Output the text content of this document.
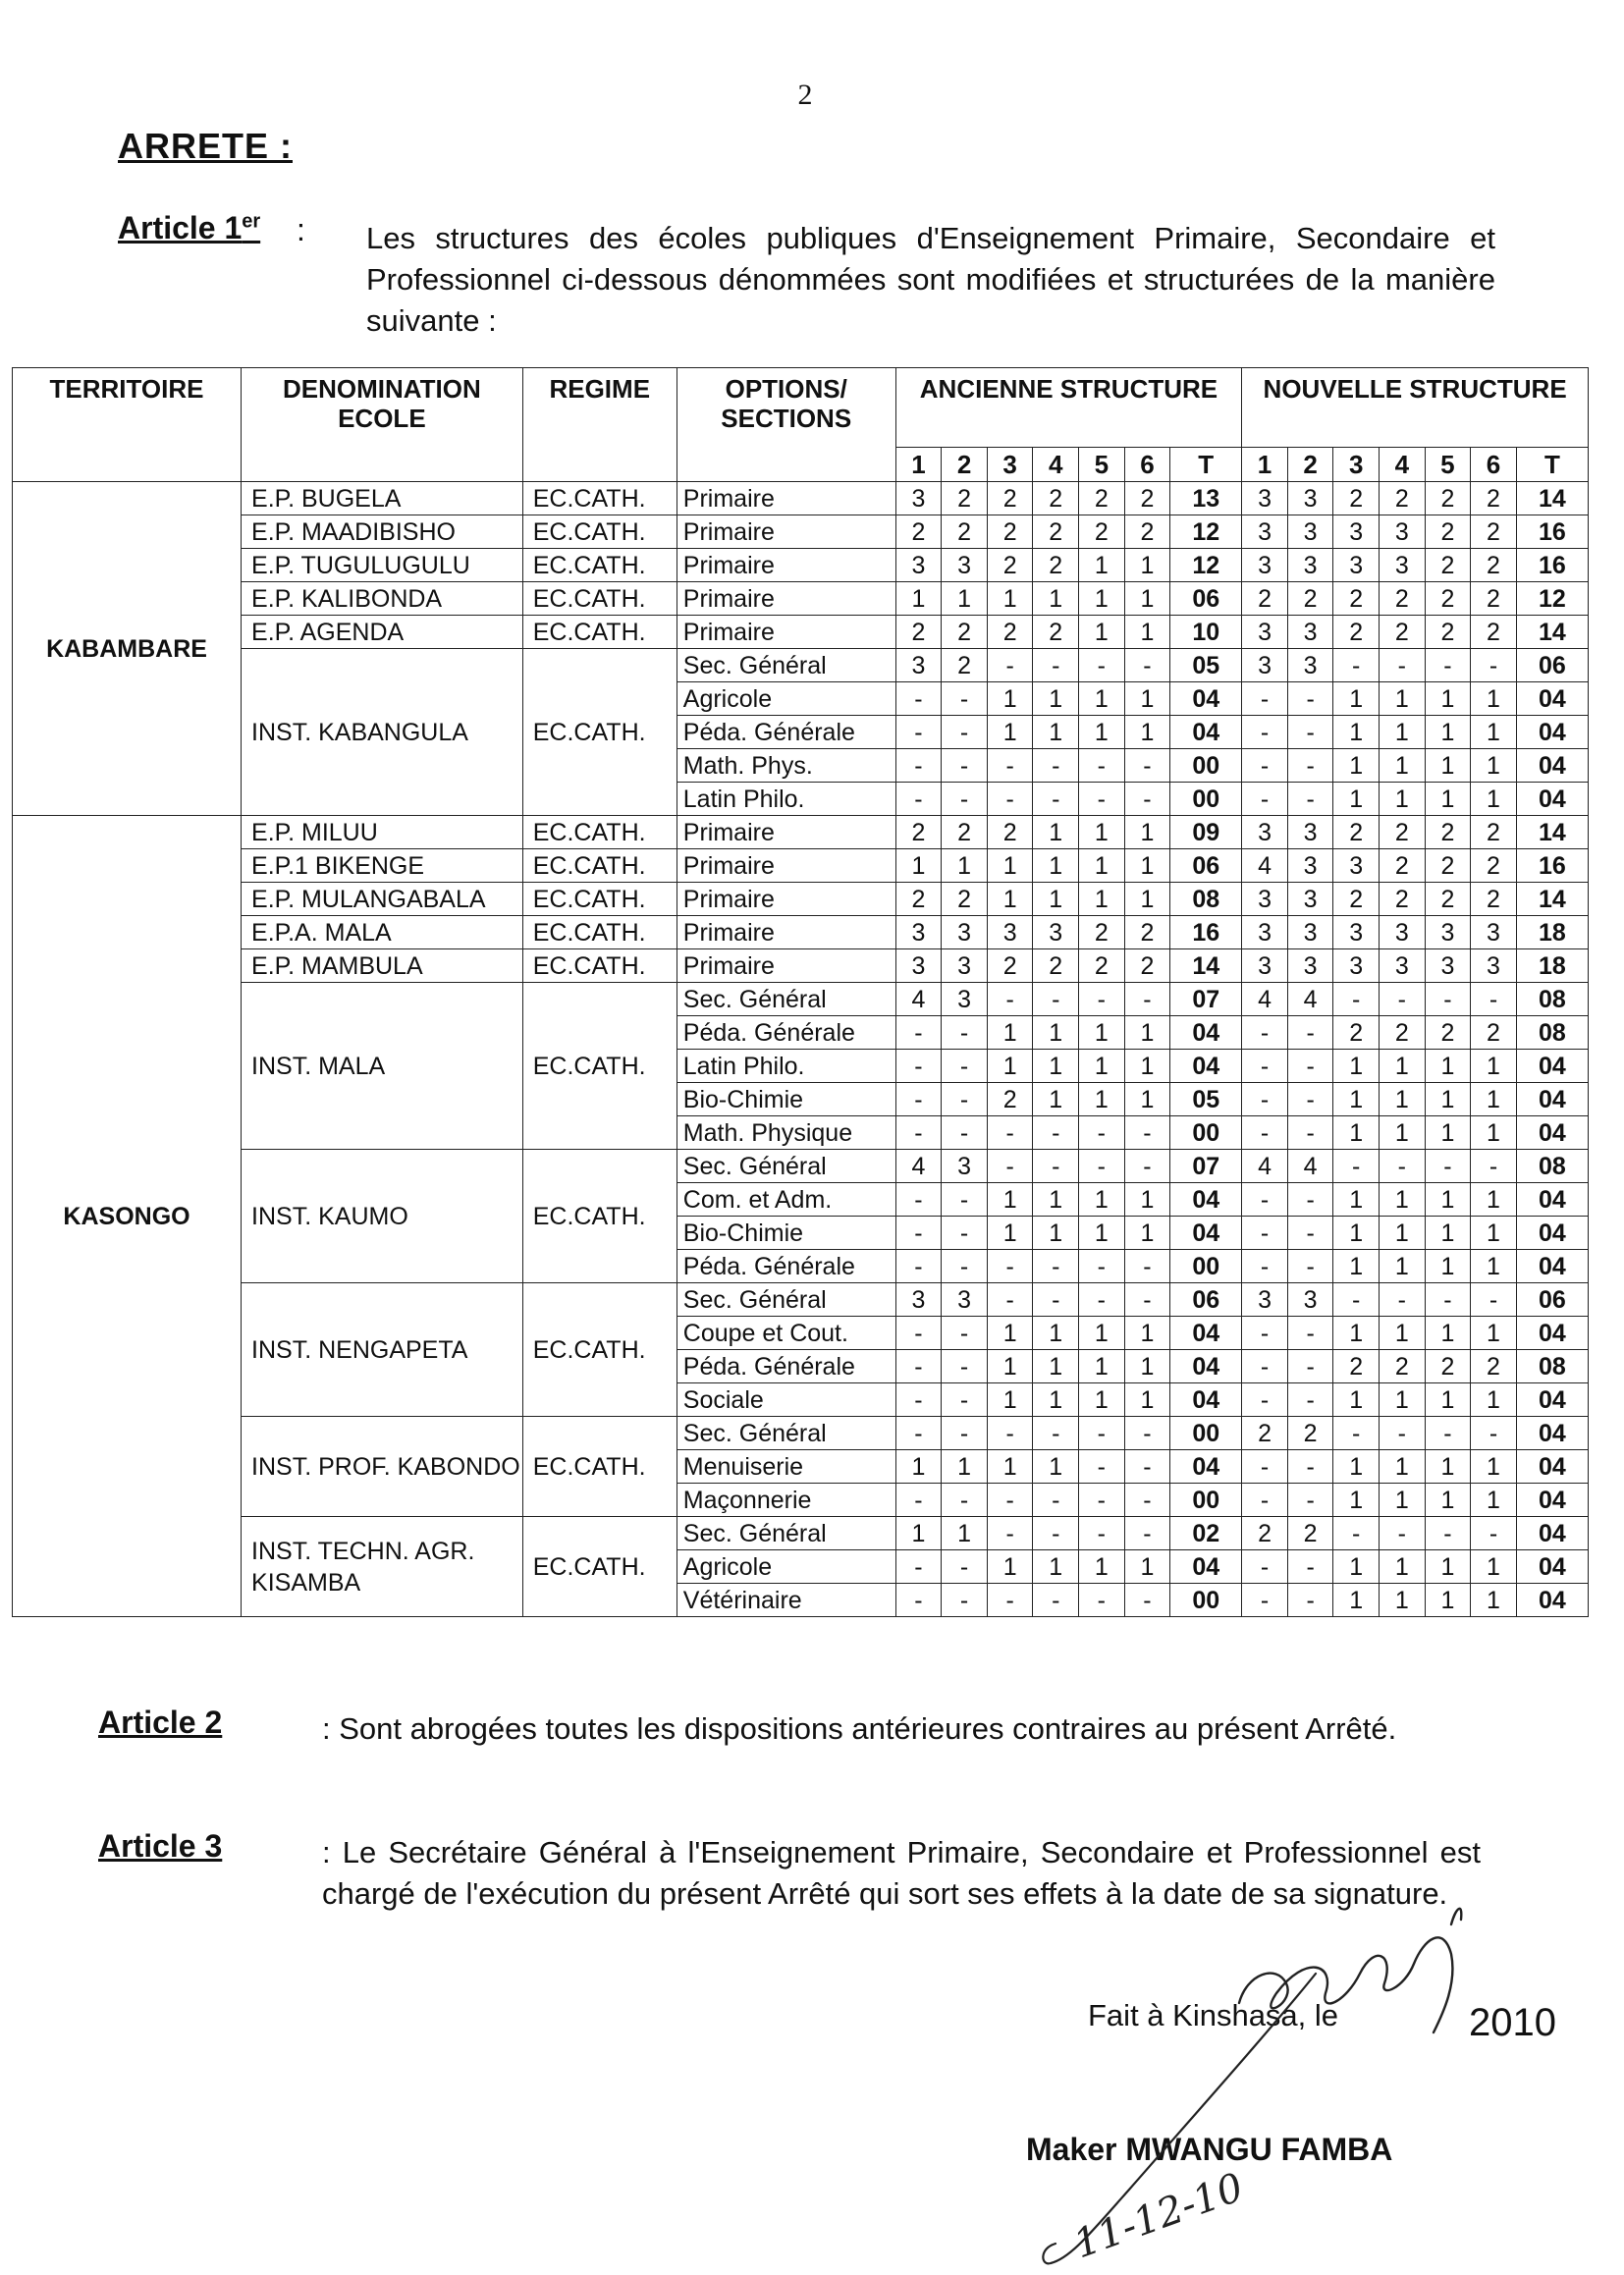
2
ARRETE :
Article 1er : Les structures des écoles publiques d'Enseignement Primaire, Secondaire et Professionnel ci-dessous dénommées sont modifiées et structurées de la manière suivante :
TERRITOIRE	DENOMINATION ECOLE	REGIME	OPTIONS/ SECTIONS	ANCIENNE STRUCTURE							NOUVELLE STRUCTURE						
				1	2	3	4	5	6	T	1	2	3	4	5	6	T
KABAMBARE	E.P. BUGELA	EC.CATH.	Primaire	3	2	2	2	2	2	13	3	3	2	2	2	2	14
	E.P. MAADIBISHO	EC.CATH.	Primaire	2	2	2	2	2	2	12	3	3	3	3	2	2	16
	E.P. TUGULUGULU	EC.CATH.	Primaire	3	3	2	2	1	1	12	3	3	3	3	2	2	16
	E.P. KALIBONDA	EC.CATH.	Primaire	1	1	1	1	1	1	06	2	2	2	2	2	2	12
	E.P. AGENDA	EC.CATH.	Primaire	2	2	2	2	1	1	10	3	3	2	2	2	2	14
	INST. KABANGULA	EC.CATH.	Sec. Général	3	2	-	-	-	-	05	3	3	-	-	-	-	06
			Agricole	-	-	1	1	1	1	04	-	-	1	1	1	1	04
			Péda. Générale	-	-	1	1	1	1	04	-	-	1	1	1	1	04
			Math. Phys.	-	-	-	-	-	-	00	-	-	1	1	1	1	04
			Latin Philo.	-	-	-	-	-	-	00	-	-	1	1	1	1	04
KASONGO	E.P. MILUU	EC.CATH.	Primaire	2	2	2	1	1	1	09	3	3	2	2	2	2	14
	E.P.1 BIKENGE	EC.CATH.	Primaire	1	1	1	1	1	1	06	4	3	3	2	2	2	16
	E.P. MULANGABALA	EC.CATH.	Primaire	2	2	1	1	1	1	08	3	3	2	2	2	2	14
	E.P.A. MALA	EC.CATH.	Primaire	3	3	3	3	2	2	16	3	3	3	3	3	3	18
	E.P. MAMBULA	EC.CATH.	Primaire	3	3	2	2	2	2	14	3	3	3	3	3	3	18
	INST. MALA	EC.CATH.	Sec. Général	4	3	-	-	-	-	07	4	4	-	-	-	-	08
			Péda. Générale	-	-	1	1	1	1	04	-	-	2	2	2	2	08
			Latin Philo.	-	-	1	1	1	1	04	-	-	1	1	1	1	04
			Bio-Chimie	-	-	2	1	1	1	05	-	-	1	1	1	1	04
			Math. Physique	-	-	-	-	-	-	00	-	-	1	1	1	1	04
	INST. KAUMO	EC.CATH.	Sec. Général	4	3	-	-	-	-	07	4	4	-	-	-	-	08
			Com. et Adm.	-	-	1	1	1	1	04	-	-	1	1	1	1	04
			Bio-Chimie	-	-	1	1	1	1	04	-	-	1	1	1	1	04
			Péda. Générale	-	-	-	-	-	-	00	-	-	1	1	1	1	04
	INST. NENGAPETA	EC.CATH.	Sec. Général	3	3	-	-	-	-	06	3	3	-	-	-	-	06
			Coupe et Cout.	-	-	1	1	1	1	04	-	-	1	1	1	1	04
			Péda. Générale	-	-	1	1	1	1	04	-	-	2	2	2	2	08
			Sociale	-	-	1	1	1	1	04	-	-	1	1	1	1	04
	INST. PROF. KABONDO	EC.CATH.	Sec. Général	-	-	-	-	-	-	00	2	2	-	-	-	-	04
			Menuiserie	1	1	1	1	-	-	04	-	-	1	1	1	1	04
			Maçonnerie	-	-	-	-	-	-	00	-	-	1	1	1	1	04
	INST. TECHN. AGR. KISAMBA	EC.CATH.	Sec. Général	1	1	-	-	-	-	02	2	2	-	-	-	-	04
			Agricole	-	-	1	1	1	1	04	-	-	1	1	1	1	04
			Vétérinaire	-	-	-	-	-	-	00	-	-	1	1	1	1	04
Article 2	: Sont abrogées toutes les dispositions antérieures contraires au présent Arrêté.
Article 3	: Le Secrétaire Général à l'Enseignement Primaire, Secondaire et Professionnel est chargé de l'exécution du présent Arrêté qui sort ses effets à la date de sa signature.
Fait à Kinshasa, le	2010
Maker MWANGU FAMBA
11-12-10
